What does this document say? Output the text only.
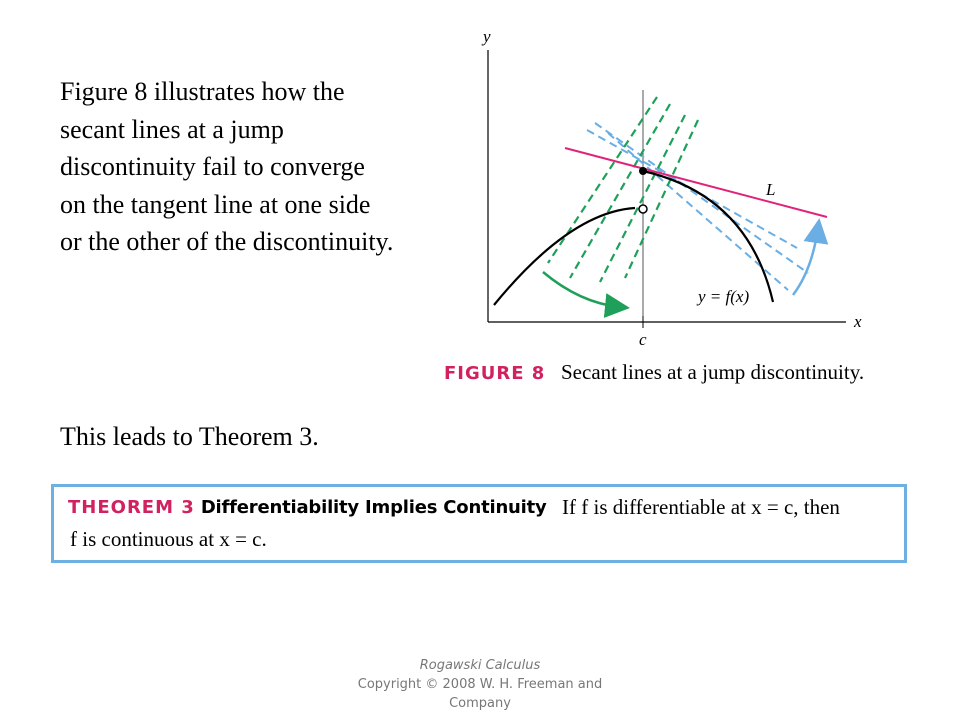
Figure 8 illustrates how the
secant lines at a jump
discontinuity fail to converge
on the tangent line at one side
or the other of the discontinuity.
y
x
c
L
y = f(x)
FIGURE 8 Secant lines at a jump discontinuity.
This leads to Theorem 3.
THEOREM 3 Differentiability Implies Continuity If f is differentiable at x = c, then
f is continuous at x = c.
Rogawski Calculus
Copyright © 2008 W. H. Freeman and Company
